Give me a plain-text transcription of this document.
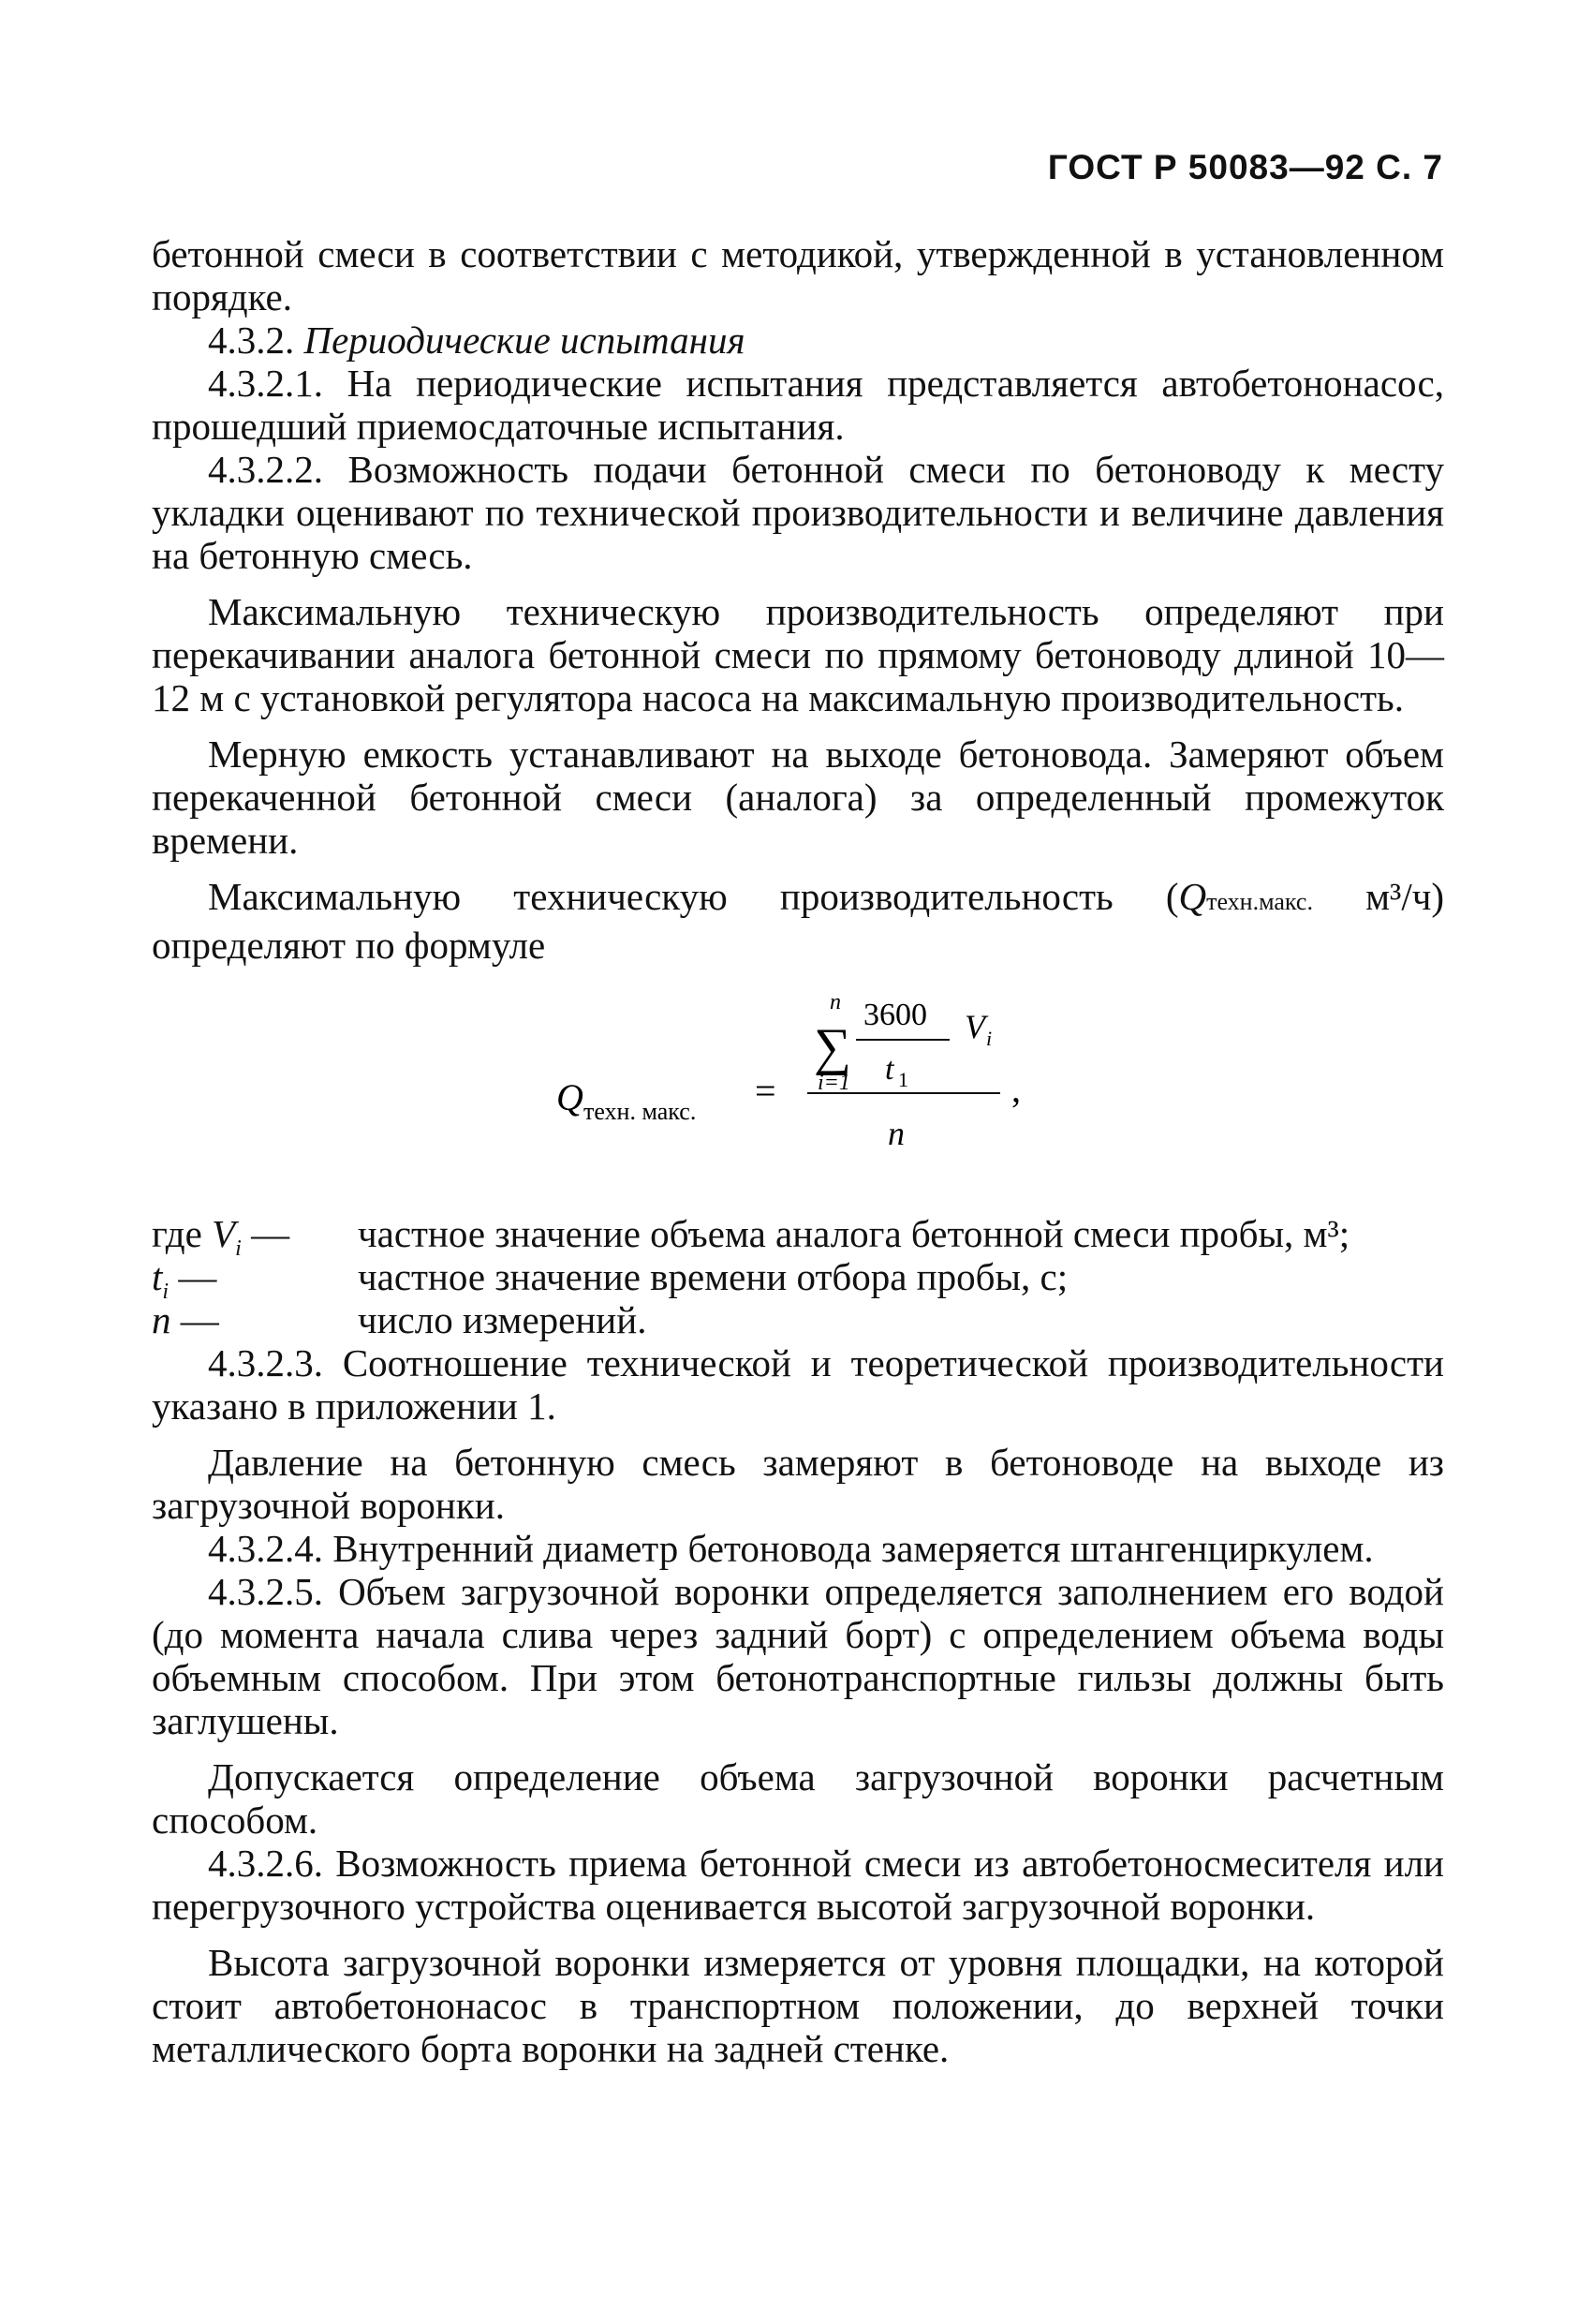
ГОСТ Р 50083—92 С. 7

бетонной смеси в соответствии с методикой, утвержденной в установленном порядке.

4.3.2. Периодические испытания

4.3.2.1. На периодические испытания представляется автобетононасос, прошедший приемосдаточные испытания.

4.3.2.2. Возможность подачи бетонной смеси по бетоноводу к месту укладки оценивают по технической производительности и величине давления на бетонную смесь.

Максимальную техническую производительность определяют при перекачивании аналога бетонной смеси по прямому бетоноводу длиной 10—12 м с установкой регулятора насоса на максимальную производительность.

Мерную емкость устанавливают на выходе бетоновода. Замеряют объем перекаченной бетонной смеси (аналога) за определенный промежуток времени.

Максимальную техническую производительность (Qтехн.макс. м³/ч) определяют по формуле

Q техн. макс. =
n
∑
i=1
3600
t 1
V i
n
,
где $V_i$ —	частное значение объема аналога бетонной смеси пробы, м³;
$t_i$ —	частное значение времени отбора пробы, с;
n —	число измерений.

4.3.2.3. Соотношение технической и теоретической производительности указано в приложении 1.

Давление на бетонную смесь замеряют в бетоноводе на выходе из загрузочной воронки.

4.3.2.4. Внутренний диаметр бетоновода замеряется штангенциркулем.

4.3.2.5. Объем загрузочной воронки определяется заполнением его водой (до момента начала слива через задний борт) с определением объема воды объемным способом. При этом бетонотранспортные гильзы должны быть заглушены.

Допускается определение объема загрузочной воронки расчетным способом.

4.3.2.6. Возможность приема бетонной смеси из автобетоносмесителя или перегрузочного устройства оценивается высотой загрузочной воронки.

Высота загрузочной воронки измеряется от уровня площадки, на которой стоит автобетононасос в транспортном положении, до верхней точки металлического борта воронки на задней стенке.
